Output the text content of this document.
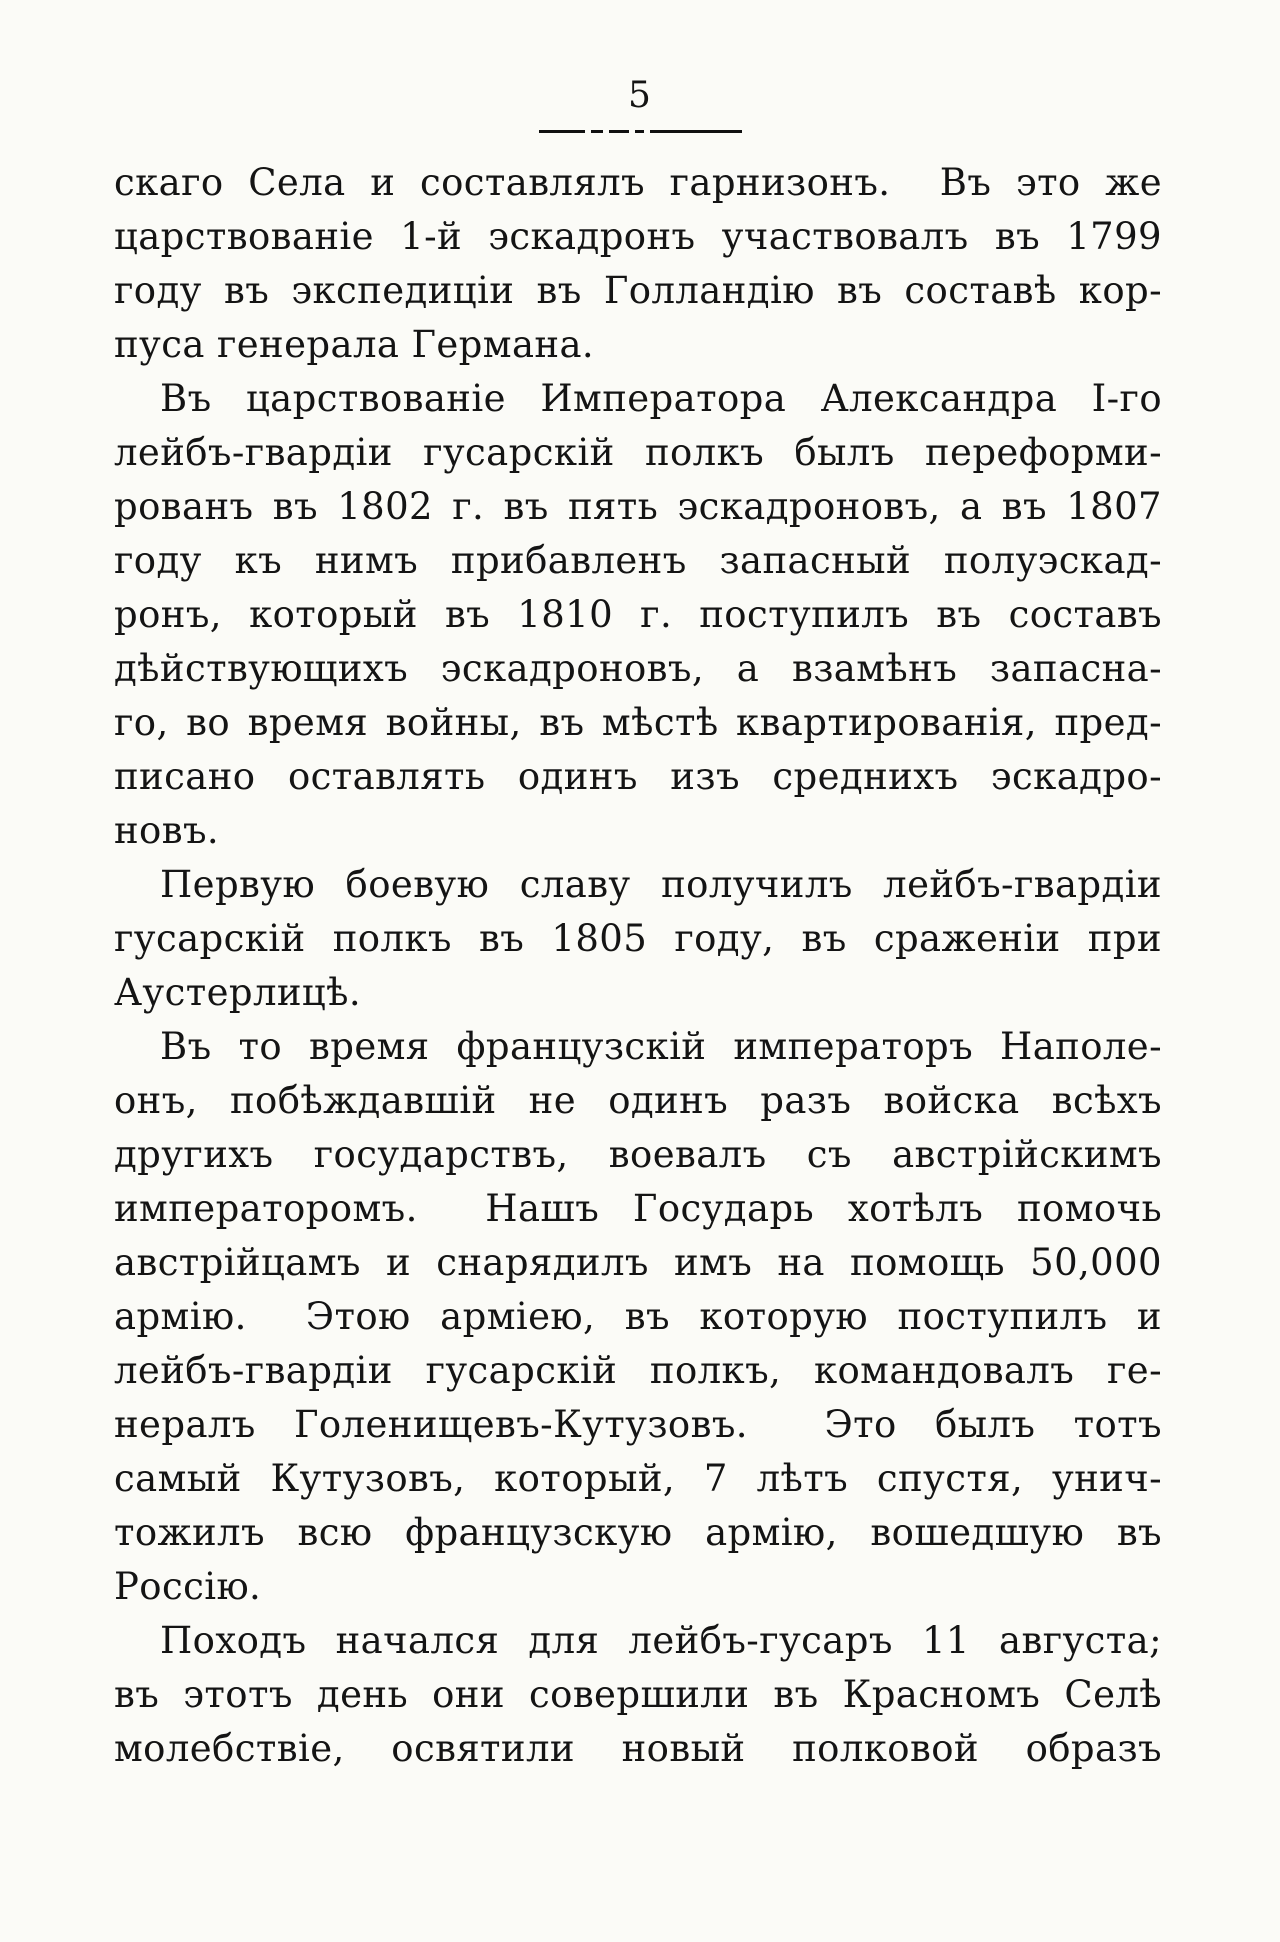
5
скаго Села и составлялъ гарнизонъ.  Въ это же
царствованіе 1-й эскадронъ участвовалъ въ 1799
году въ экспедиціи въ Голландію въ составѣ кор-
пуса генерала Германа.
Въ царствованіе Императора Александра I-го
лейбъ-гвардіи гусарскій полкъ былъ переформи-
рованъ въ 1802 г. въ пять эскадроновъ, а въ 1807
году къ нимъ прибавленъ запасный полуэскад-
ронъ, который въ 1810 г. поступилъ въ составъ
дѣйствующихъ эскадроновъ, а взамѣнъ запасна-
го, во время войны, въ мѣстѣ квартированія, пред-
писано оставлять одинъ изъ среднихъ эскадро-
новъ.
Первую боевую славу получилъ лейбъ-гвардіи
гусарскій полкъ въ 1805 году, въ сраженіи при
Аустерлицѣ.
Въ то время французскій императоръ Наполе-
онъ, побѣждавшій не одинъ разъ войска всѣхъ
другихъ государствъ, воевалъ съ австрійскимъ
императоромъ.  Нашъ Государь хотѣлъ помочь
австрійцамъ и снарядилъ имъ на помощь 50,000
армію.  Этою арміею, въ которую поступилъ и
лейбъ-гвардіи гусарскій полкъ, командовалъ ге-
нералъ Голенищевъ-Кутузовъ.  Это былъ тотъ
самый Кутузовъ, который, 7 лѣтъ спустя, унич-
тожилъ всю французскую армію, вошедшую въ
Россію.
Походъ начался для лейбъ-гусаръ 11 августа;
въ этотъ день они совершили въ Красномъ Селѣ
молебствіе, освятили новый полковой образъ
